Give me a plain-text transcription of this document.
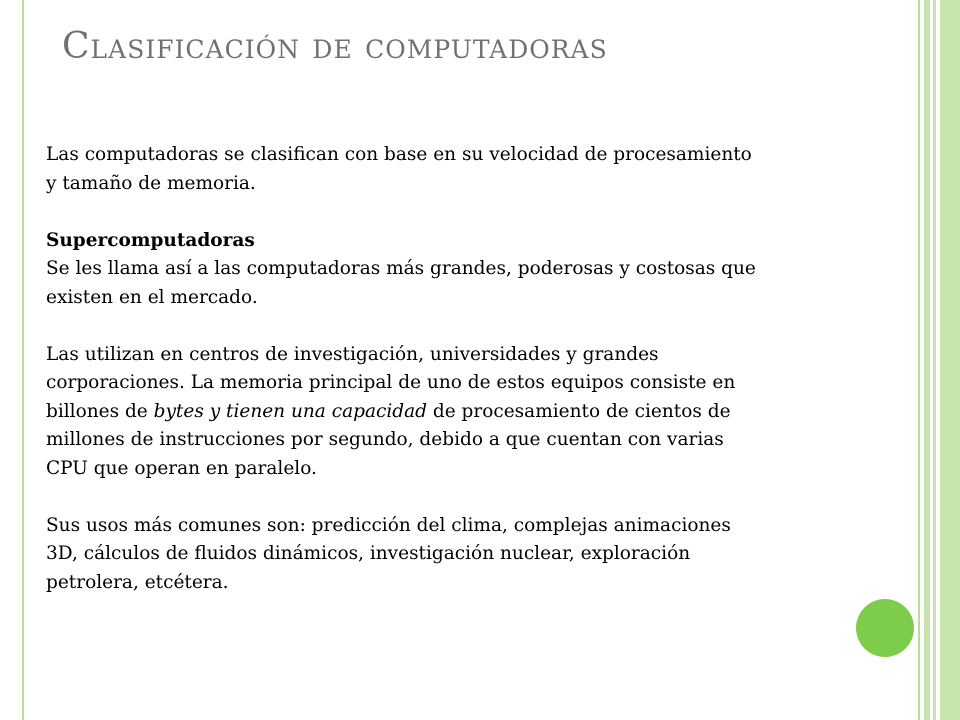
Clasificación de computadoras

Las computadoras se clasifican con base en su velocidad de procesamiento

y tamaño de memoria.

Supercomputadoras

Se les llama así a las computadoras más grandes, poderosas y costosas que

existen en el mercado.

Las utilizan en centros de investigación, universidades y grandes

corporaciones. La memoria principal de uno de estos equipos consiste en

billones de bytes y tienen una capacidad de procesamiento de cientos de

millones de instrucciones por segundo, debido a que cuentan con varias

CPU que operan en paralelo.

Sus usos más comunes son: predicción del clima, complejas animaciones

3D, cálculos de fluidos dinámicos, investigación nuclear, exploración

petrolera, etcétera.
